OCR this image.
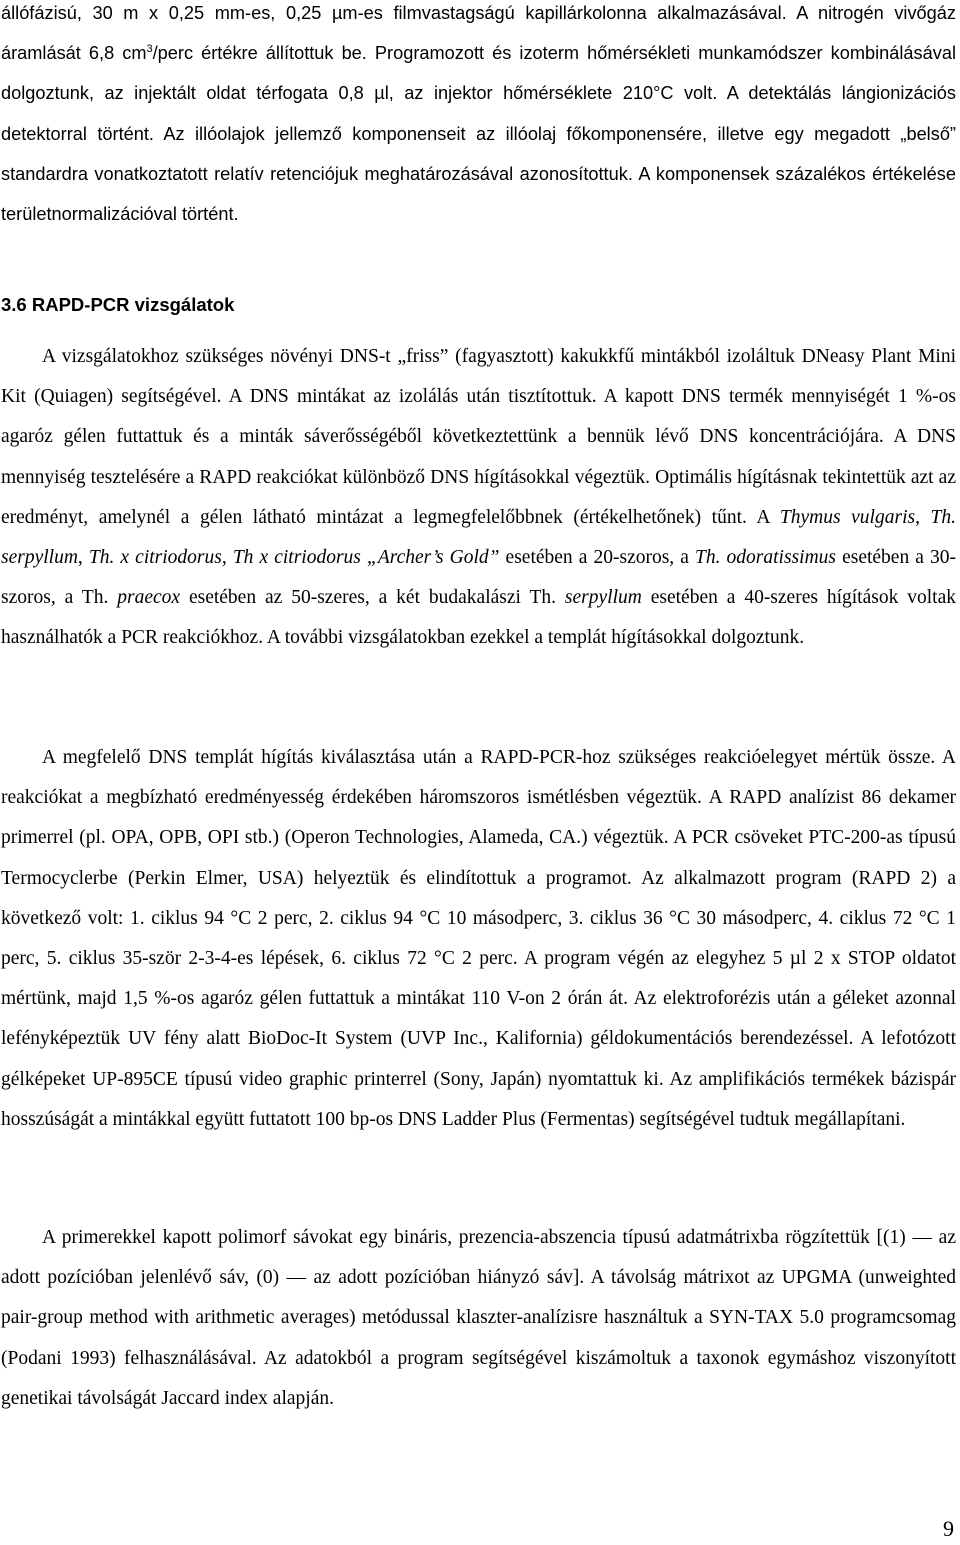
állófázisú, 30 m x 0,25 mm-es, 0,25 µm-es filmvastagságú kapillárkolonna alkalmazásával. A nitrogén vivőgáz áramlását 6,8 $cm^3$/perc értékre állítottuk be. Programozott és izoterm hőmérsékleti munkamódszer kombinálásával dolgoztunk, az injektált oldat térfogata 0,8 µl, az injektor hőmérséklete 210°C volt. A detektálás lángionizációs detektorral történt. Az illóolajok jellemző komponenseit az illóolaj főkomponensére, illetve egy megadott „belső” standardra vonatkoztatott relatív retenciójuk meghatározásával azonosítottuk. A komponensek százalékos értékelése területnormalizációval történt.

3.6 RAPD-PCR vizsgálatok

A vizsgálatokhoz szükséges növényi DNS-t „friss” (fagyasztott) kakukkfű mintákból izoláltuk DNeasy Plant Mini Kit (Quiagen) segítségével. A DNS mintákat az izolálás után tisztítottuk. A kapott DNS termék mennyiségét 1 %-os agaróz gélen futtattuk és a minták sáverősségéből következtettünk a bennük lévő DNS koncentrációjára. A DNS mennyiség tesztelésére a RAPD reakciókat különböző DNS hígításokkal végeztük. Optimális hígításnak tekintettük azt az eredményt, amelynél a gélen látható mintázat a legmegfelelőbbnek (értékelhetőnek) tűnt. A Thymus vulgaris, Th. serpyllum, Th. x citriodorus, Th x citriodorus „Archer’s Gold” esetében a 20-szoros, a Th. odoratissimus esetében a 30-szoros, a Th. praecox esetében az 50-szeres, a két budakalászi Th. serpyllum esetében a 40-szeres hígítások voltak használhatók a PCR reakciókhoz. A további vizsgálatokban ezekkel a templát hígításokkal dolgoztunk.

A megfelelő DNS templát hígítás kiválasztása után a RAPD-PCR-hoz szükséges reakcióelegyet mértük össze. A reakciókat a megbízható eredményesség érdekében háromszoros ismétlésben végeztük. A RAPD analízist 86 dekamer primerrel (pl. OPA, OPB, OPI stb.) (Operon Technologies, Alameda, CA.) végeztük. A PCR csöveket PTC-200-as típusú Termocyclerbe (Perkin Elmer, USA) helyeztük és elindítottuk a programot. Az alkalmazott program (RAPD 2) a következő volt: 1. ciklus 94 °C 2 perc, 2. ciklus 94 °C 10 másodperc, 3. ciklus 36 °C 30 másodperc, 4. ciklus 72 °C 1 perc, 5. ciklus 35-ször 2-3-4-es lépések, 6. ciklus 72 °C 2 perc. A program végén az elegyhez 5 µl 2 x STOP oldatot mértünk, majd 1,5 %-os agaróz gélen futtattuk a mintákat 110 V-on 2 órán át. Az elektroforézis után a géleket azonnal lefényképeztük UV fény alatt BioDoc-It System (UVP Inc., Kalifornia) géldokumentációs berendezéssel. A lefotózott gélképeket UP-895CE típusú video graphic printerrel (Sony, Japán) nyomtattuk ki. Az amplifikációs termékek bázispár hosszúságát a mintákkal együtt futtatott 100 bp-os DNS Ladder Plus (Fermentas) segítségével tudtuk megállapítani.

A primerekkel kapott polimorf sávokat egy bináris, prezencia-abszencia típusú adatmátrixba rögzítettük [(1) — az adott pozícióban jelenlévő sáv, (0) — az adott pozícióban hiányzó sáv]. A távolság mátrixot az UPGMA (unweighted pair-group method with arithmetic averages) metódussal klaszter-analízisre használtuk a SYN-TAX 5.0 programcsomag (Podani 1993) felhasználásával. Az adatokból a program segítségével kiszámoltuk a taxonok egymáshoz viszonyított genetikai távolságát Jaccard index alapján.

9
